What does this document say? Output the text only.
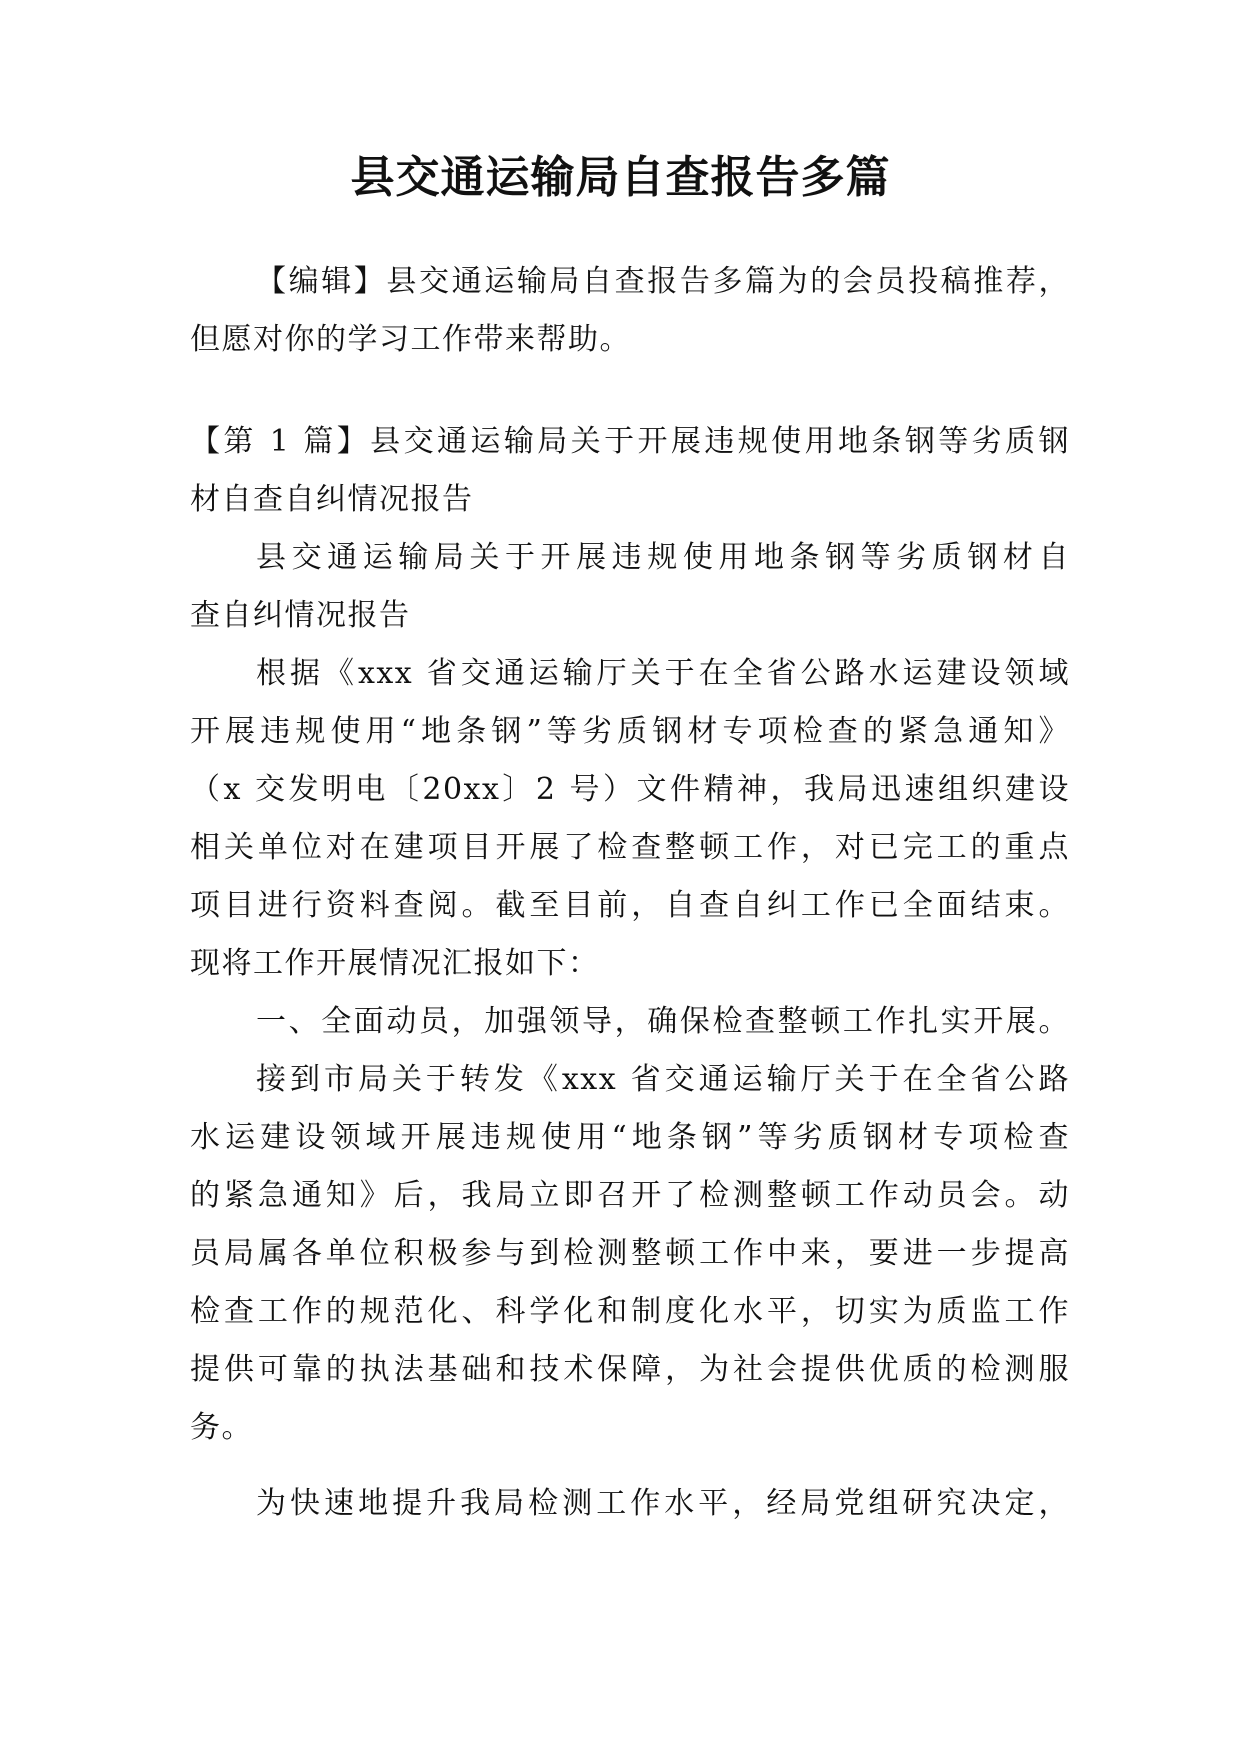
县交通运输局自查报告多篇

【编辑】县交通运输局自查报告多篇为的会员投稿推荐，

但愿对你的学习工作带来帮助。

【第 1 篇】县交通运输局关于开展违规使用地条钢等劣质钢

材自查自纠情况报告

县交通运输局关于开展违规使用地条钢等劣质钢材自

查自纠情况报告

根据《xxx 省交通运输厅关于在全省公路水运建设领域

开展违规使用“地条钢”等劣质钢材专项检查的紧急通知》

（x 交发明电〔20xx〕2 号）文件精神，我局迅速组织建设

相关单位对在建项目开展了检查整顿工作，对已完工的重点

项目进行资料查阅。截至目前，自查自纠工作已全面结束。

现将工作开展情况汇报如下：

一、全面动员，加强领导，确保检查整顿工作扎实开展。

接到市局关于转发《xxx 省交通运输厅关于在全省公路

水运建设领域开展违规使用“地条钢”等劣质钢材专项检查

的紧急通知》后，我局立即召开了检测整顿工作动员会。动

员局属各单位积极参与到检测整顿工作中来，要进一步提高

检查工作的规范化、科学化和制度化水平，切实为质监工作

提供可靠的执法基础和技术保障，为社会提供优质的检测服

务。

为快速地提升我局检测工作水平，经局党组研究决定，
